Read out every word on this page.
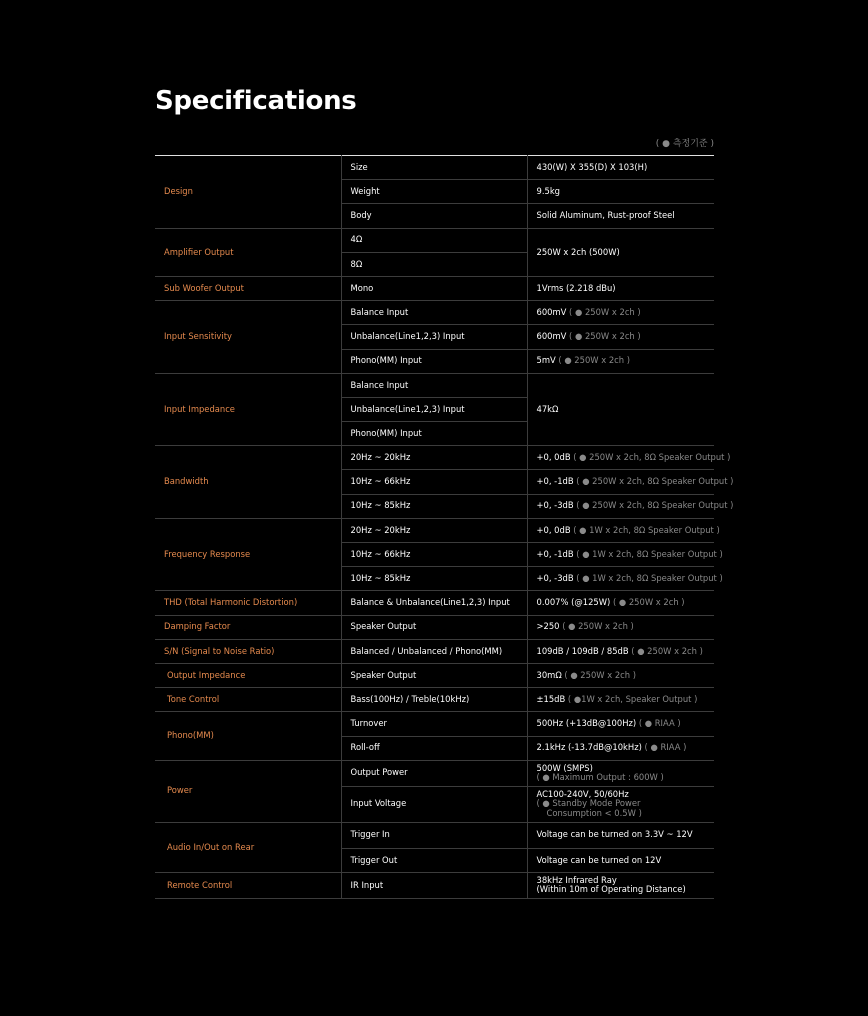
Specifications
( ● 측정기준 )
Design	Size	430(W) X 355(D) X 103(H)
	Weight	9.5kg
	Body	Solid Aluminum, Rust-proof Steel
Amplifier Output	4Ω	250W x 2ch (500W)
	8Ω	
Sub Woofer Output	Mono	1Vrms (2.218 dBu)
Input Sensitivity	Balance Input	600mV ( ● 250W x 2ch )
	Unbalance(Line1,2,3) Input	600mV ( ● 250W x 2ch )
	Phono(MM) Input	5mV ( ● 250W x 2ch )
Input Impedance	Balance Input	47kΩ
	Unbalance(Line1,2,3) Input	
	Phono(MM) Input	
Bandwidth	20Hz ~ 20kHz	+0, 0dB ( ● 250W x 2ch, 8Ω Speaker Output )
	10Hz ~ 66kHz	+0, -1dB ( ● 250W x 2ch, 8Ω Speaker Output )
	10Hz ~ 85kHz	+0, -3dB ( ● 250W x 2ch, 8Ω Speaker Output )
Frequency Response	20Hz ~ 20kHz	+0, 0dB ( ● 1W x 2ch, 8Ω Speaker Output )
	10Hz ~ 66kHz	+0, -1dB ( ● 1W x 2ch, 8Ω Speaker Output )
	10Hz ~ 85kHz	+0, -3dB ( ● 1W x 2ch, 8Ω Speaker Output )
THD (Total Harmonic Distortion)	Balance & Unbalance(Line1,2,3) Input	0.007% (@125W) ( ● 250W x 2ch )
Damping Factor	Speaker Output	>250 ( ● 250W x 2ch )
S/N (Signal to Noise Ratio)	Balanced / Unbalanced / Phono(MM)	109dB / 109dB / 85dB ( ● 250W x 2ch )
Output Impedance	Speaker Output	30mΩ ( ● 250W x 2ch )
Tone Control	Bass(100Hz) / Treble(10kHz)	±15dB ( ●1W x 2ch, Speaker Output )
Phono(MM)	Turnover	500Hz (+13dB@100Hz) ( ● RIAA )
	Roll-off	2.1kHz (-13.7dB@10kHz) ( ● RIAA )
Power	Output Power	500W (SMPS)
( ● Maximum Output : 600W )

	Input Voltage	AC100-240V, 50/60Hz
( ● Standby Mode Power
Consumption < 0.5W )

Audio In/Out on Rear	Trigger In	Voltage can be turned on 3.3V ~ 12V
	Trigger Out	Voltage can be turned on 12V
Remote Control	IR Input	38kHz Infrared Ray
(Within 10m of Operating Distance)
